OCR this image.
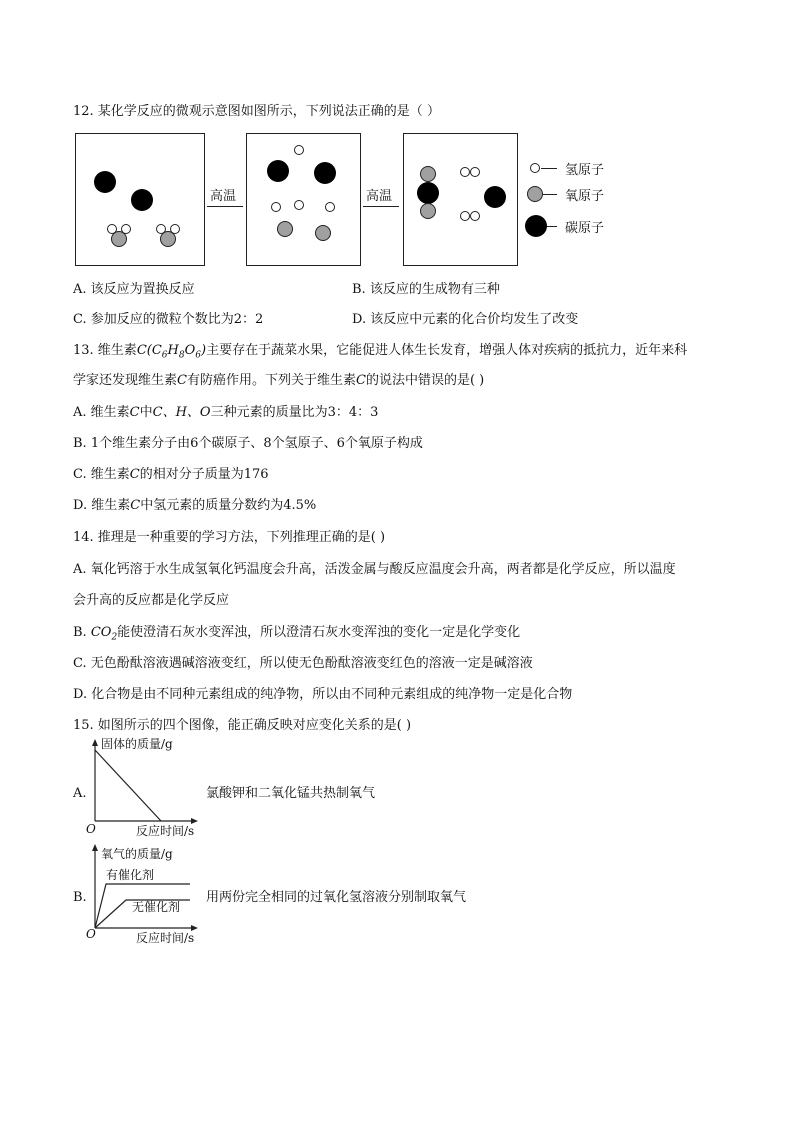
12. 某化学反应的微观示意图如图所示，下列说法正确的是（ ）
高温	高温
氢原子
氧原子
碳原子
A. 该反应为置换反应	B. 该反应的生成物有三种
C. 参加反应的微粒个数比为2：2	D. 该反应中元素的化合价均发生了改变
13. 维生素$C(C_6H_8O_6)$主要存在于蔬菜水果，它能促进人体生长发育，增强人体对疾病的抵抗力，近年来科
学家还发现维生素C有防癌作用。下列关于维生素C的说法中错误的是( )
A. 维生素C中C、H、O三种元素的质量比为3：4：3
B. 1个维生素分子由6个碳原子、8个氢原子、6个氧原子构成
C. 维生素C的相对分子质量为176
D. 维生素C中氢元素的质量分数约为4.5%
14. 推理是一种重要的学习方法，下列推理正确的是( )
A. 氧化钙溶于水生成氢氧化钙温度会升高，活泼金属与酸反应温度会升高，两者都是化学反应，所以温度
会升高的反应都是化学反应
B. $CO_2$能使澄清石灰水变浑浊，所以澄清石灰水变浑浊的变化一定是化学变化
C. 无色酚酞溶液遇碱溶液变红，所以使无色酚酞溶液变红色的溶液一定是碱溶液
D. 化合物是由不同种元素组成的纯净物，所以由不同种元素组成的纯净物一定是化合物
15. 如图所示的四个图像，能正确反映对应变化关系的是( )
A.
固体的质量/g
O	反应时间/s
氯酸钾和二氧化锰共热制氧气
B.
氧气的质量/g
有催化剂
无催化剂
O	反应时间/s
用两份完全相同的过氧化氢溶液分别制取氧气
